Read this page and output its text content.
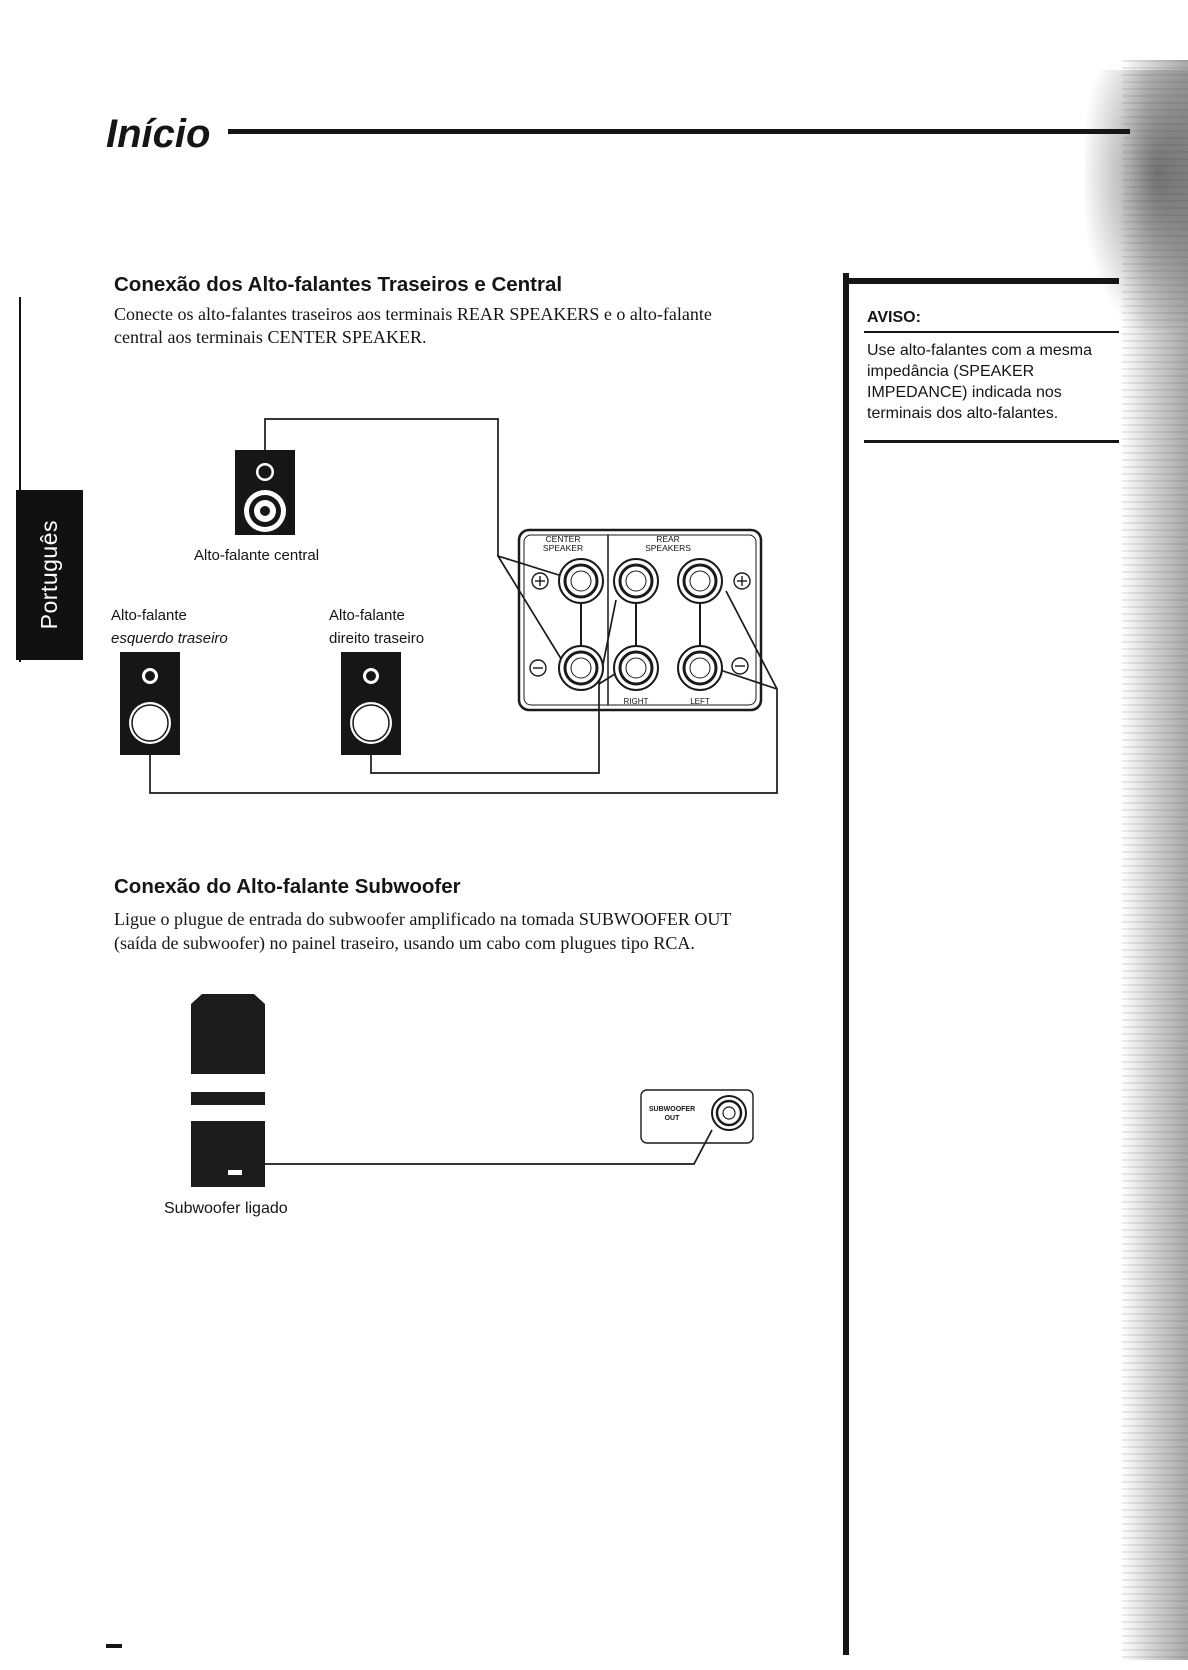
Início
Português
Conexão dos Alto-falantes Traseiros e Central
Conecte os alto-falantes traseiros aos terminais REAR SPEAKERS e o alto-falante
central aos terminais CENTER SPEAKER.
CENTER
SPEAKER
REAR
SPEAKERS
RIGHT	LEFT
Alto-falante central
Alto-falante
esquerdo traseiro
Alto-falante
direito traseiro
Conexão do Alto-falante Subwoofer
Ligue o plugue de entrada do subwoofer amplificado na tomada SUBWOOFER OUT
(saída de subwoofer) no painel traseiro, usando um cabo com plugues tipo RCA.
SUBWOOFER
OUT
Subwoofer ligado
AVISO:
Use alto-falantes com a mesma
impedância (SPEAKER
IMPEDANCE) indicada nos
terminais dos alto-falantes.
